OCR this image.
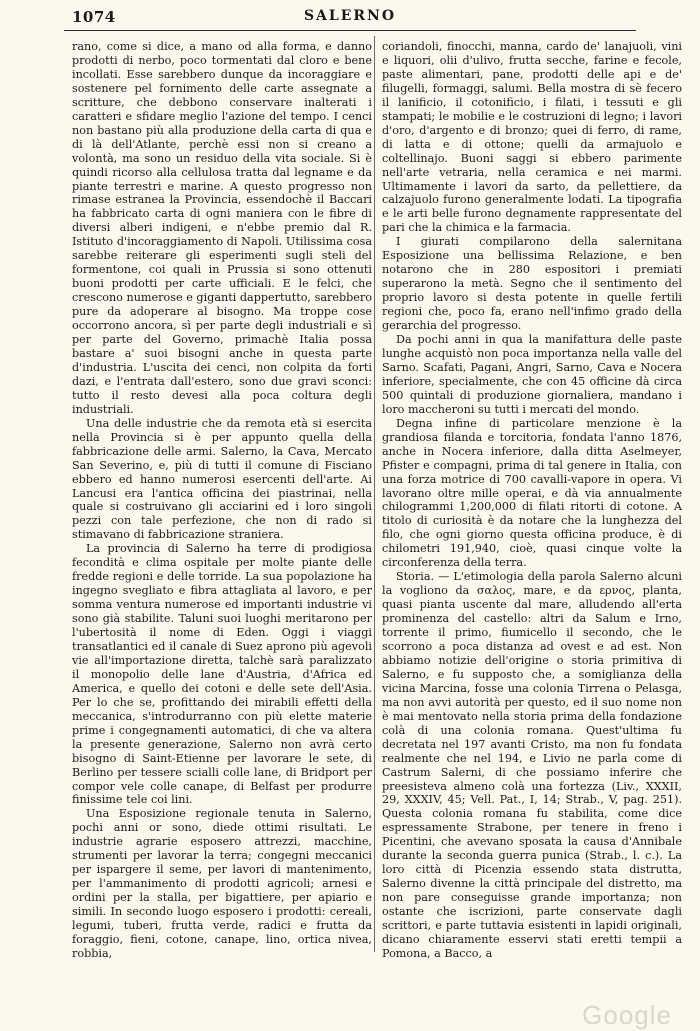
1074	SALERNO

rano, come si dice, a mano od alla forma, e danno prodotti di nerbo, poco tormentati dal cloro e bene incollati. Esse sarebbero dunque da incoraggiare e sostenere pel fornimento delle carte assegnate a scritture, che debbono conservare inalterati i caratteri e sfidare meglio l'azione del tempo. I cenci non bastano più alla produzione della carta di qua e di là dell'Atlante, perchè essi non si creano a volontà, ma sono un residuo della vita sociale. Si è quindi ricorso alla cellulosa tratta dal legname e da piante terrestri e marine. A questo progresso non rimase estranea la Provincia, essendochè il Baccari ha fabbricato carta di ogni maniera con le fibre di diversi alberi indigeni, e n'ebbe premio dal R. Istituto d'incoraggiamento di Napoli. Utilissima cosa sarebbe reiterare gli esperimenti sugli steli del formentone, coi quali in Prussia si sono ottenuti buoni prodotti per carte ufficiali. E le felci, che crescono numerose e giganti dappertutto, sarebbero pure da adoperare al bisogno. Ma troppe cose occorrono ancora, sì per parte degli industriali e sì per parte del Governo, primachè Italia possa bastare a' suoi bisogni anche in questa parte d'industria. L'uscita dei cenci, non colpita da forti dazi, e l'entrata dall'estero, sono due gravi sconci: tutto il resto devesi alla poca coltura degli industriali.

Una delle industrie che da remota età si esercita nella Provincia si è per appunto quella della fabbricazione delle armi. Salerno, la Cava, Mercato San Severino, e, più di tutti il comune di Fisciano ebbero ed hanno numerosi esercenti dell'arte. Ai Lancusi era l'antica officina dei piastrinai, nella quale si costruivano gli acciarini ed i loro singoli pezzi con tale perfezione, che non di rado si stimavano di fabbricazione straniera.

La provincia di Salerno ha terre di prodigiosa fecondità e clima ospitale per molte piante delle fredde regioni e delle torride. La sua popolazione ha ingegno svegliato e fibra attagliata al lavoro, e per somma ventura numerose ed importanti industrie vi sono già stabilite. Taluni suoi luoghi meritarono per l'ubertosità il nome di Eden. Oggi i viaggi transatlantici ed il canale di Suez aprono più agevoli vie all'importazione diretta, talchè sarà paralizzato il monopolio delle lane d'Austria, d'Africa ed America, e quello dei cotoni e delle sete dell'Asia. Per lo che se, profittando dei mirabili effetti della meccanica, s'introdurranno con più elette materie prime i congegnamenti automatici, di che va altera la presente generazione, Salerno non avrà certo bisogno di Saint-Etienne per lavorare le sete, di Berlino per tessere scialli colle lane, di Bridport per compor vele colle canape, di Belfast per produrre finissime tele coi lini.

Una Esposizione regionale tenuta in Salerno, pochi anni or sono, diede ottimi risultati. Le industrie agrarie esposero attrezzi, macchine, strumenti per lavorar la terra; congegni meccanici per ispargere il seme, per lavori di mantenimento, per l'ammanimento di prodotti agricoli; arnesi e ordini per la stalla, per bigattiere, per apiario e simili. In secondo luogo esposero i prodotti: cereali, legumi, tuberi, frutta verde, radici e frutta da foraggio, fieni, cotone, canape, lino, ortica nivea, robbia,

coriandoli, finocchi, manna, cardo de' lanajuoli, vini e liquori, olii d'ulivo, frutta secche, farine e fecole, paste alimentari, pane, prodotti delle api e de' filugelli, formaggi, salumi. Bella mostra di sè fecero il lanificio, il cotonificio, i filati, i tessuti e gli stampati; le mobilie e le costruzioni di legno; i lavori d'oro, d'argento e di bronzo; quei di ferro, di rame, di latta e di ottone; quelli da armajuolo e coltellinajo. Buoni saggi si ebbero parimente nell'arte vetraria, nella ceramica e nei marmi. Ultimamente i lavori da sarto, da pellettiere, da calzajuolo furono generalmente lodati. La tipografia e le arti belle furono degnamente rappresentate del pari che la chimica e la farmacia.

I giurati compilarono della salernitana Esposizione una bellissima Relazione, e ben notarono che in 280 espositori i premiati superarono la metà. Segno che il sentimento del proprio lavoro si desta potente in quelle fertili regioni che, poco fa, erano nell'infimo grado della gerarchia del progresso.

Da pochi anni in qua la manifattura delle paste lunghe acquistò non poca importanza nella valle del Sarno. Scafati, Pagani, Angri, Sarno, Cava e Nocera inferiore, specialmente, che con 45 officine dà circa 500 quintali di produzione giornaliera, mandano i loro maccheroni su tutti i mercati del mondo.

Degna infine di particolare menzione è la grandiosa filanda e torcitoria, fondata l'anno 1876, anche in Nocera inferiore, dalla ditta Aselmeyer, Pfister e compagni, prima di tal genere in Italia, con una forza motrice di 700 cavalli-vapore in opera. Vi lavorano oltre mille operai, e dà via annualmente chilogrammi 1,200,000 di filati ritorti di cotone. A titolo di curiosità è da notare che la lunghezza del filo, che ogni giorno questa officina produce, è di chilometri 191,940, cioè, quasi cinque volte la circonferenza della terra.

Storia. — L'etimologia della parola Salerno alcuni la vogliono da σαλος, mare, e da ερνος, planta, quasi pianta uscente dal mare, alludendo all'erta prominenza del castello: altri da Salum e Irno, torrente il primo, fiumicello il secondo, che le scorrono a poca distanza ad ovest e ad est. Non abbiamo notizie dell'origine o storia primitiva di Salerno, e fu supposto che, a somiglianza della vicina Marcina, fosse una colonia Tirrena o Pelasga, ma non avvi autorità per questo, ed il suo nome non è mai mentovato nella storia prima della fondazione colà di una colonia romana. Quest'ultima fu decretata nel 197 avanti Cristo, ma non fu fondata realmente che nel 194, e Livio ne parla come di Castrum Salerni, di che possiamo inferire che preesisteva almeno colà una fortezza (Liv., XXXII, 29, XXXIV, 45; Vell. Pat., I, 14; Strab., V, pag. 251). Questa colonia romana fu stabilita, come dice espressamente Strabone, per tenere in freno i Picentini, che avevano sposata la causa d'Annibale durante la seconda guerra punica (Strab., l. c.). La loro città di Picenzia essendo stata distrutta, Salerno divenne la città principale del distretto, ma non pare conseguisse grande importanza; non ostante che iscrizioni, parte conservate dagli scrittori, e parte tuttavia esistenti in lapidi originali, dicano chiaramente esservi stati eretti tempii a Pomona, a Bacco, a

Google
